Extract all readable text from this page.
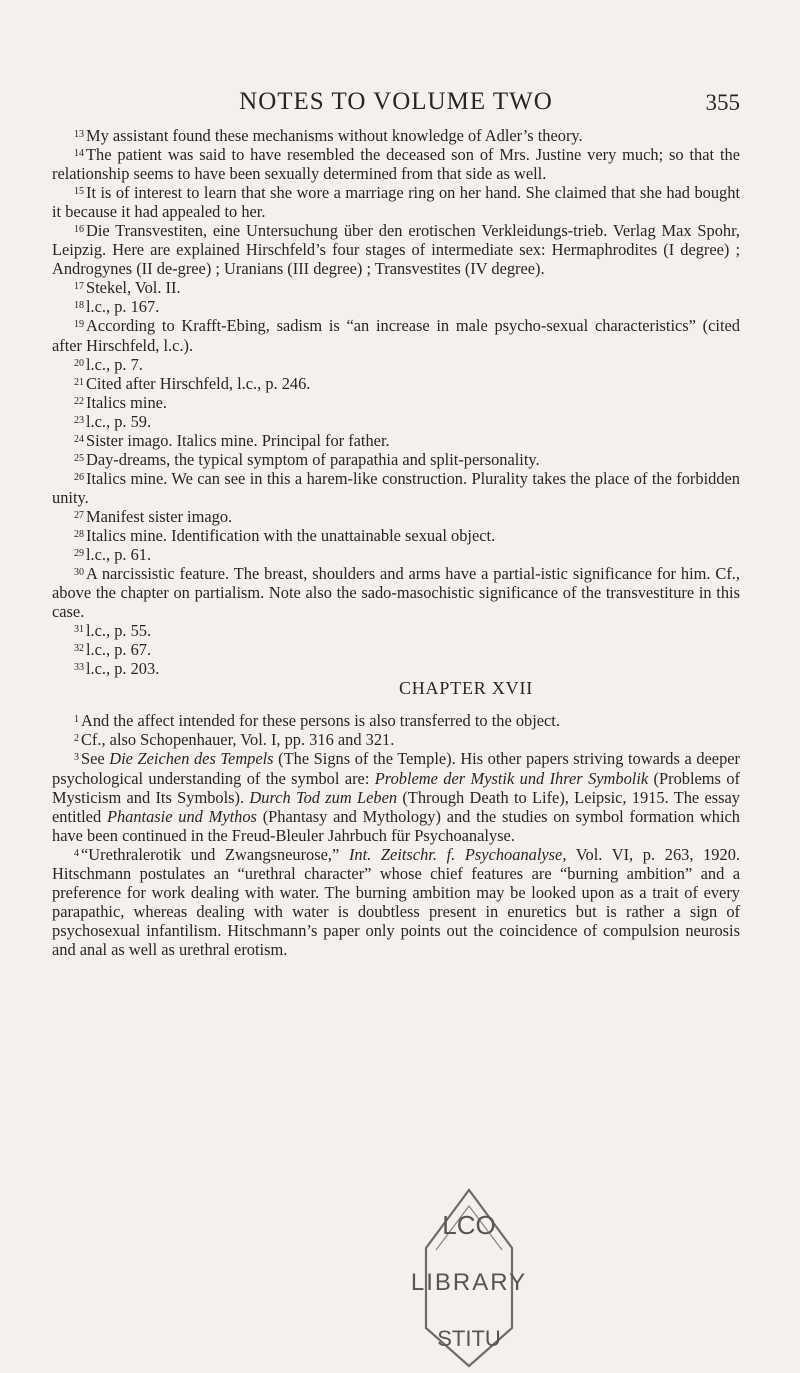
NOTES TO VOLUME TWO	355

$^{13}$ My assistant found these mechanisms without knowledge of Adler’s theory.

$^{14}$ The patient was said to have resembled the deceased son of Mrs. Justine very much; so that the relationship seems to have been sexually determined from that side as well.

$^{15}$ It is of interest to learn that she wore a marriage ring on her hand. She claimed that she had bought it because it had appealed to her.

$^{16}$ Die Transvestiten, eine Untersuchung über den erotischen Verkleidungs-trieb. Verlag Max Spohr, Leipzig. Here are explained Hirschfeld’s four stages of intermediate sex: Hermaphrodites (I degree) ; Androgynes (II de-gree) ; Uranians (III degree) ; Transvestites (IV degree).

$^{17}$ Stekel, Vol. II.

$^{18}$ l.c., p. 167.

$^{19}$ According to Krafft-Ebing, sadism is “an increase in male psycho-sexual characteristics” (cited after Hirschfeld, l.c.).

$^{20}$ l.c., p. 7.

$^{21}$ Cited after Hirschfeld, l.c., p. 246.

$^{22}$ Italics mine.

$^{23}$ l.c., p. 59.

$^{24}$ Sister imago. Italics mine. Principal for father.

$^{25}$ Day-dreams, the typical symptom of parapathia and split-personality.

$^{26}$ Italics mine. We can see in this a harem-like construction. Plurality takes the place of the forbidden unity.

$^{27}$ Manifest sister imago.

$^{28}$ Italics mine. Identification with the unattainable sexual object.

$^{29}$ l.c., p. 61.

$^{30}$ A narcissistic feature. The breast, shoulders and arms have a partial-istic significance for him. Cf., above the chapter on partialism. Note also the sado-masochistic significance of the transvestiture in this case.

$^{31}$ l.c., p. 55.

$^{32}$ l.c., p. 67.

$^{33}$ l.c., p. 203.

CHAPTER XVII

$^1$ And the affect intended for these persons is also transferred to the object.

$^2$ Cf., also Schopenhauer, Vol. I, pp. 316 and 321.

$^3$ See Die Zeichen des Tempels (The Signs of the Temple). His other papers striving towards a deeper psychological understanding of the symbol are: Probleme der Mystik und Ihrer Symbolik (Problems of Mysticism and Its Symbols). Durch Tod zum Leben (Through Death to Life), Leipsic, 1915. The essay entitled Phantasie und Mythos (Phantasy and Mythology) and the studies on symbol formation which have been continued in the Freud-Bleuler Jahrbuch für Psychoanalyse.

$^4$ “Urethralerotik und Zwangsneurose,” Int. Zeitschr. f. Psychoanalyse, Vol. VI, p. 263, 1920. Hitschmann postulates an “urethral character” whose chief features are “burning ambition” and a preference for work dealing with water. The burning ambition may be looked upon as a trait of every parapathic, whereas dealing with water is doubtless present in enuretics but is rather a sign of psychosexual infantilism. Hitschmann’s paper only points out the coincidence of compulsion neurosis and anal as well as urethral erotism.

LCO
LIBRARY
STITU
